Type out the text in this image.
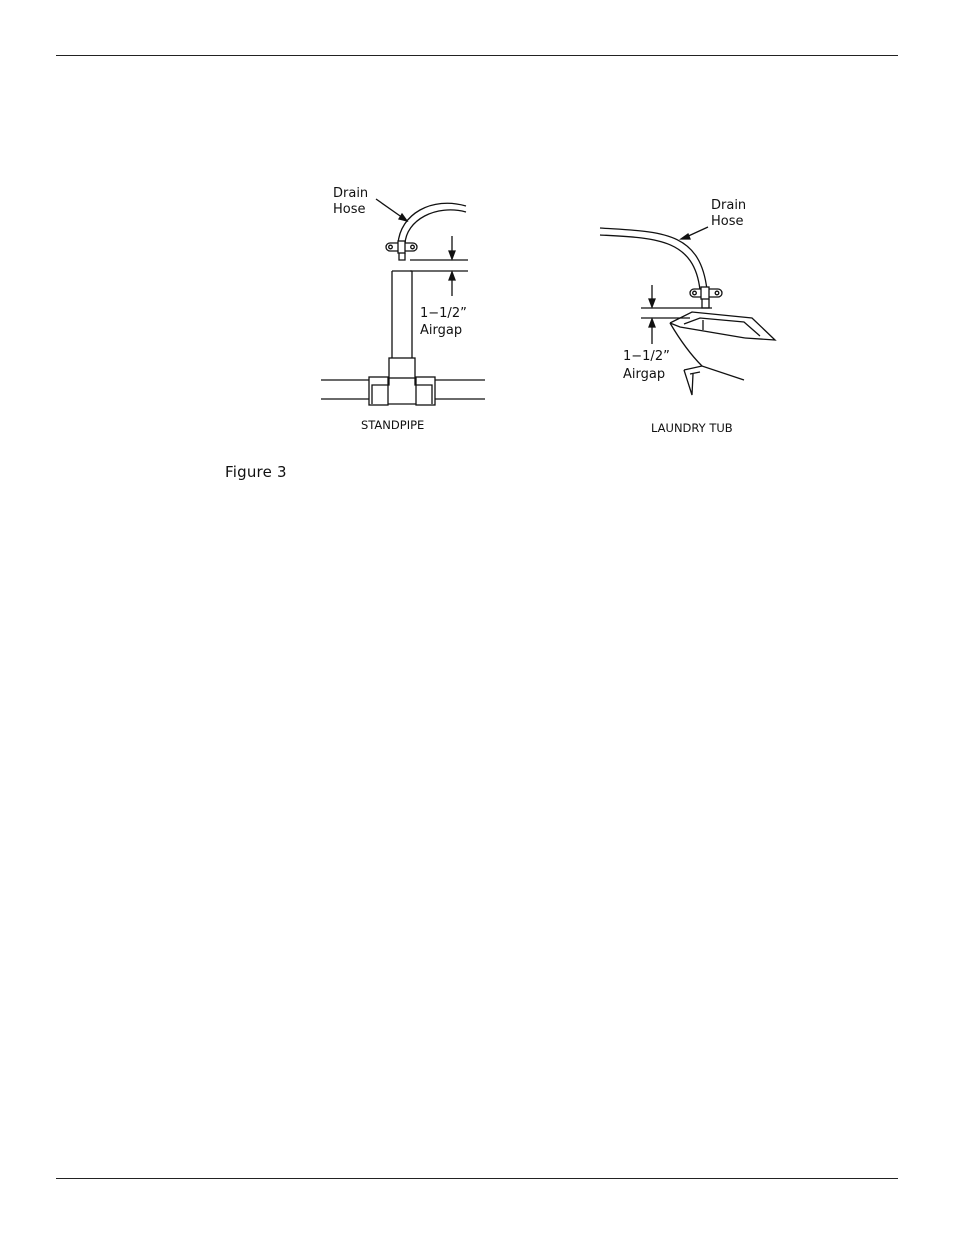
Drain
Hose
1−1/2”
Airgap
STANDPIPE
Drain
Hose
1−1/2”
Airgap
LAUNDRY TUB
Figure 3
